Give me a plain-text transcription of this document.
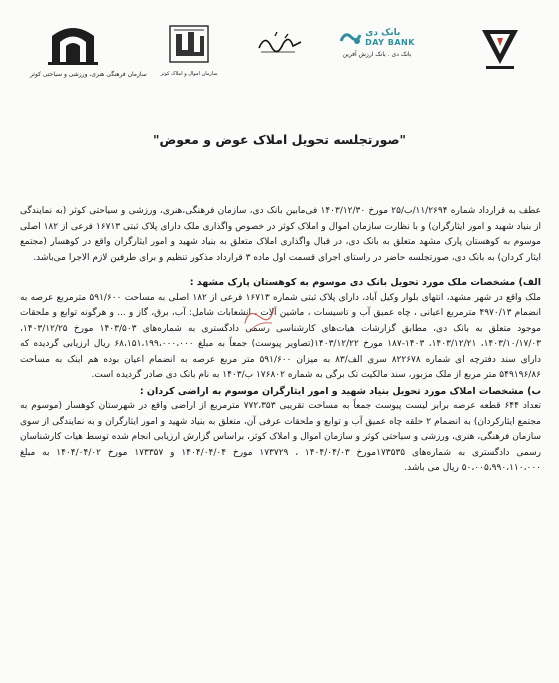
سازمان فرهنگی هنری، ورزشی و سیاحتی کوثر	سازمان اموال و املاک کوثر
بانک دی
DAY BANK
بانک دی . بانک ارزش آفرین
"صورتجلسه تحویل املاک عوض و معوض"

عطف به قرارداد شماره ۱۱/۲۶۹۴/ب/۲۵ مورخ ۱۴۰۳/۱۲/۳۰ فی‌مابین بانک دی، سازمان فرهنگی،هنری، ورزشی و سیاحتی کوثر (به نمایندگی از بنیاد شهید و امور ایثارگران) و با نظارت سازمان اموال و املاک کوثر در خصوص واگذاری ملک دارای پلاک ثبتی ۱۶۷۱۳ فرعی از ۱۸۲ اصلی موسوم به کوهستان پارک مشهد متعلق به بانک دی، در قبال واگذاری املاک متعلق به بنیاد شهید و امور ایثارگران واقع در کوهسار (مجتمع ایثار کردان) به بانک دی، صورتجلسه حاضر در راستای اجرای قسمت اول ماده ۳ قرارداد مذکور تنظیم و برای طرفین لازم الاجرا می‌باشد.

الف) مشخصات ملک مورد تحویل بانک دی موسوم به کوهستان پارک مشهد :

ملک واقع در شهر مشهد، انتهای بلوار وکیل آباد، دارای پلاک ثبتی شماره ۱۶۷۱۳ فرعی از ۱۸۲ اصلی به مساحت ۵۹۱/۶۰۰ مترمربع عرصه به انضمام ۴۹۷۰/۱۳ مترمربع اعیانی ، چاه عمیق آب و تاسیسات ، ماشین آلات ، انشعابات شامل: آب، برق، گاز و ... و هرگونه توابع و ملحقات موجود متعلق به بانک دی، مطابق گزارشات هیات‌های کارشناسی رسمی دادگستری به شماره‌های ۱۴۰۳/۵۰۳ مورخ ۱۴۰۳/۱۲/۲۵، ۱۴۰۳/۱۰/۱۷/۰۳، ۱۴۰۳/۱۲/۲۱، ۱۴۰۳-۱۸۷ مورخ ۱۴۰۳/۱۲/۲۲(تصاویر پیوست) جمعاً به مبلغ ۶۸،۱۵۱،۱۹۹،۰۰۰،۰۰۰ ریال ارزیابی گردیده که دارای سند دفترچه ای شماره ۸۲۲۶۷۸ سری الف/۸۳ به میزان ۵۹۱/۶۰۰ متر مربع عرصه به انضمام اعیان بوده هم اینک به مساحت ۵۴۹۱۹۶/۸۶ متر مربع از ملک مزبور، سند مالکیت تک برگی به شماره ۱۷۶۸۰۲ ب/۱۴۰۳ به نام بانک دی صادر گردیده است.

ب) مشخصات املاک مورد تحویل بنیاد شهید و امور ایثارگران موسوم به اراضی کردان :

تعداد ۶۴۴ قطعه عرصه برابر لیست پیوست جمعاً به مساحت تقریبی ۷۷۲،۳۵۳ مترمربع از اراضی واقع در شهرستان کوهسار (موسوم به مجتمع ایثارکردان) به انضمام ۲ حلقه چاه عمیق آب و توابع و ملحقات عرفی آن، متعلق به بنیاد شهید و امور ایثارگران و به نمایندگی از سوی سازمان فرهنگی، هنری، ورزشی و سیاحتی کوثر و سازمان اموال و املاک کوثر، براساس گزارش ارزیابی انجام شده توسط هیات کارشناسان رسمی دادگستری به شماره‌های ۱۷۳۵۳۵مورخ ۱۴۰۴/۰۴/۰۳ ، ۱۷۳۷۲۹ مورخ ۱۴۰۴/۰۴/۰۴ و ۱۷۳۳۵۷ مورخ ۱۴۰۴/۰۴/۰۲ به مبلغ ۵۰،۰۰۵،۹۹۰،۱۱۰،۰۰۰ ریال می باشد.
